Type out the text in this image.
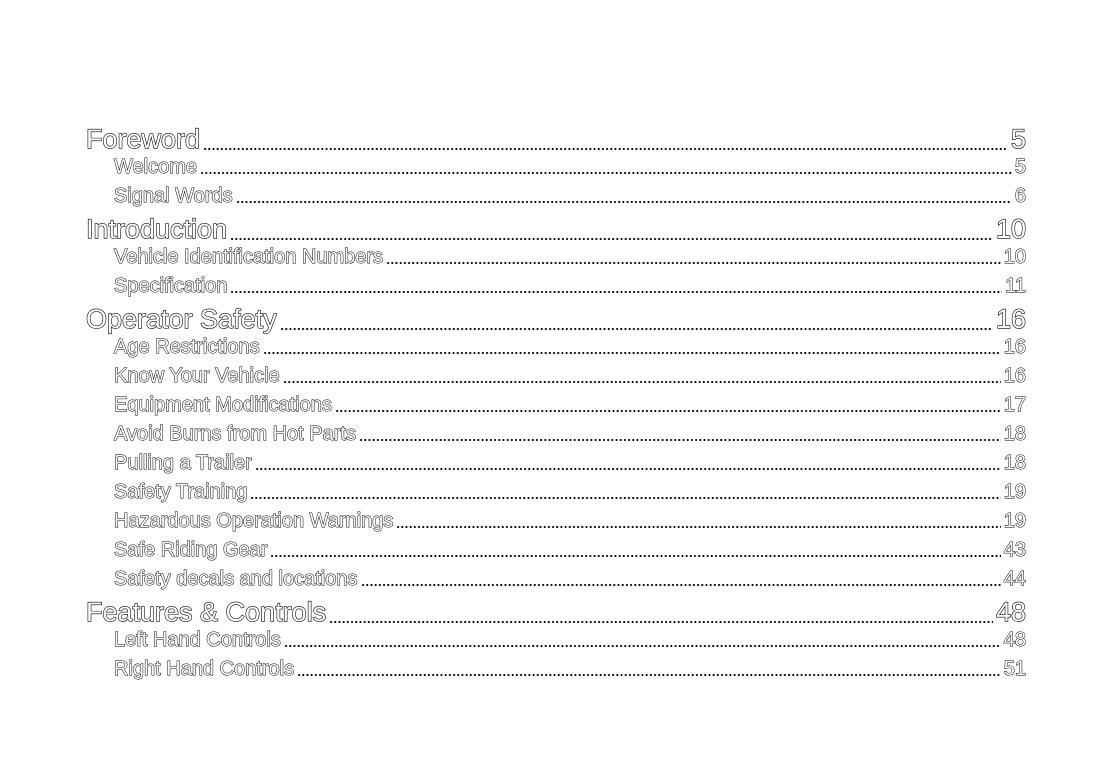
Foreword	5
Welcome	5
Signal Words	6
Introduction	10
Vehicle Identification Numbers	10
Specification	11
Operator Safety	16
Age Restrictions	16
Know Your Vehicle	16
Equipment Modifications	17
Avoid Burns from Hot Parts	18
Pulling a Trailer	18
Safety Training	19
Hazardous Operation Warnings	19
Safe Riding Gear	43
Safety decals and locations	44
Features & Controls	48
Left Hand Controls	48
Right Hand Controls	51
